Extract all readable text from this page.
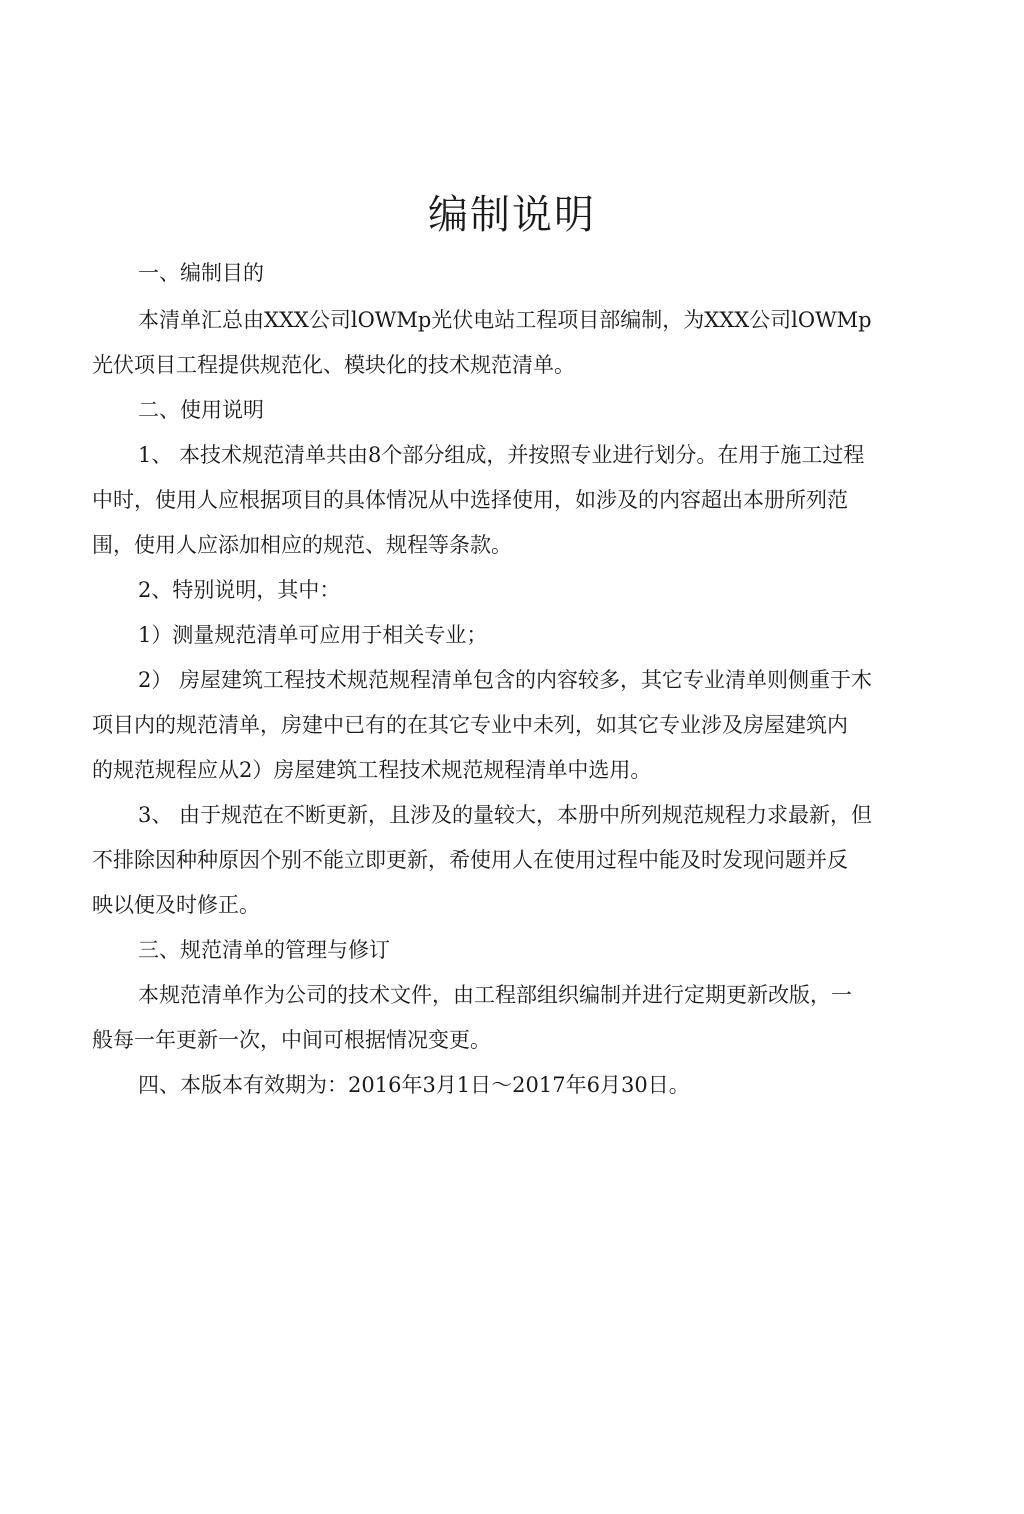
编制说明
一、编制目的
本清单汇总由XXX公司lOWMp光伏电站工程项目部编制，为XXX公司lOWMp
光伏项目工程提供规范化、模块化的技术规范清单。
二、使用说明
1、 本技术规范清单共由8个部分组成，并按照专业进行划分。在用于施工过程
中时，使用人应根据项目的具体情况从中选择使用，如涉及的内容超出本册所列范
围，使用人应添加相应的规范、规程等条款。
2、特别说明，其中：
1）测量规范清单可应用于相关专业；
2） 房屋建筑工程技术规范规程清单包含的内容较多，其它专业清单则侧重于木
项目内的规范清单，房建中已有的在其它专业中未列，如其它专业涉及房屋建筑内
的规范规程应从2）房屋建筑工程技术规范规程清单中选用。
3、 由于规范在不断更新，且涉及的量较大，本册中所列规范规程力求最新，但
不排除因种种原因个别不能立即更新，希使用人在使用过程中能及时发现问题并反
映以便及时修正。
三、规范清单的管理与修订
本规范清单作为公司的技术文件，由工程部组织编制并进行定期更新改版，一
般每一年更新一次，中间可根据情况变更。
四、本版本有效期为：2016年3月1日～2017年6月30日。
